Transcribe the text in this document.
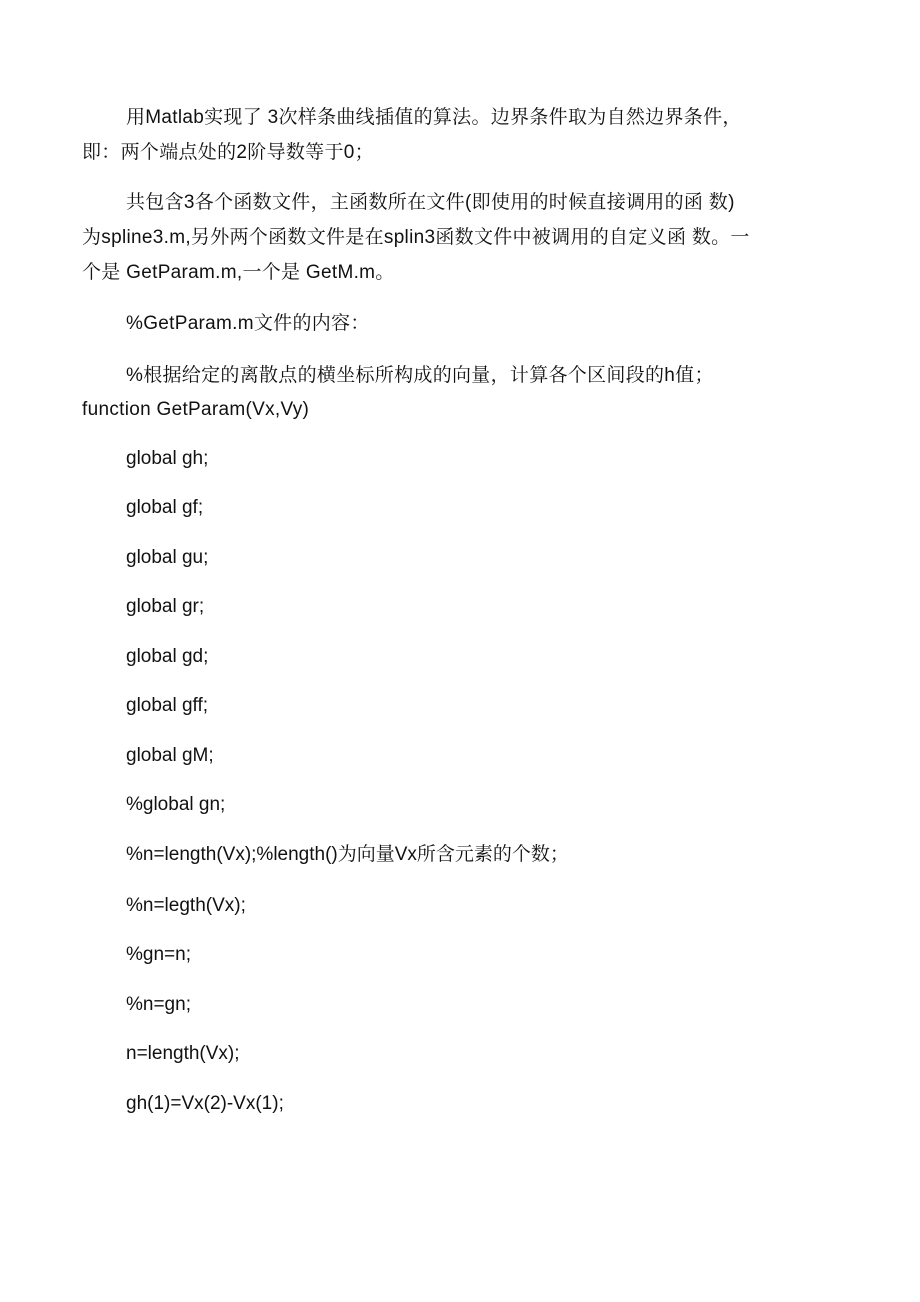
用Matlab实现了 3次样条曲线插值的算法。边界条件取为自然边界条件，
即：两个端点处的2阶导数等于0；
共包含3各个函数文件，主函数所在文件(即使用的时候直接调用的函 数)
为spline3.m,另外两个函数文件是在splin3函数文件中被调用的自定义函 数。一
个是 GetParam.m,一个是 GetM.m。
%GetParam.m文件的内容：
%根据给定的离散点的横坐标所构成的向量，计算各个区间段的h值；
function GetParam(Vx,Vy)
global gh;
global gf;
global gu;
global gr;
global gd;
global gff;
global gM;
%global gn;
%n=length(Vx);%length()为向量Vx所含元素的个数；
%n=legth(Vx);
%gn=n;
%n=gn;
n=length(Vx);
gh(1)=Vx(2)-Vx(1);
